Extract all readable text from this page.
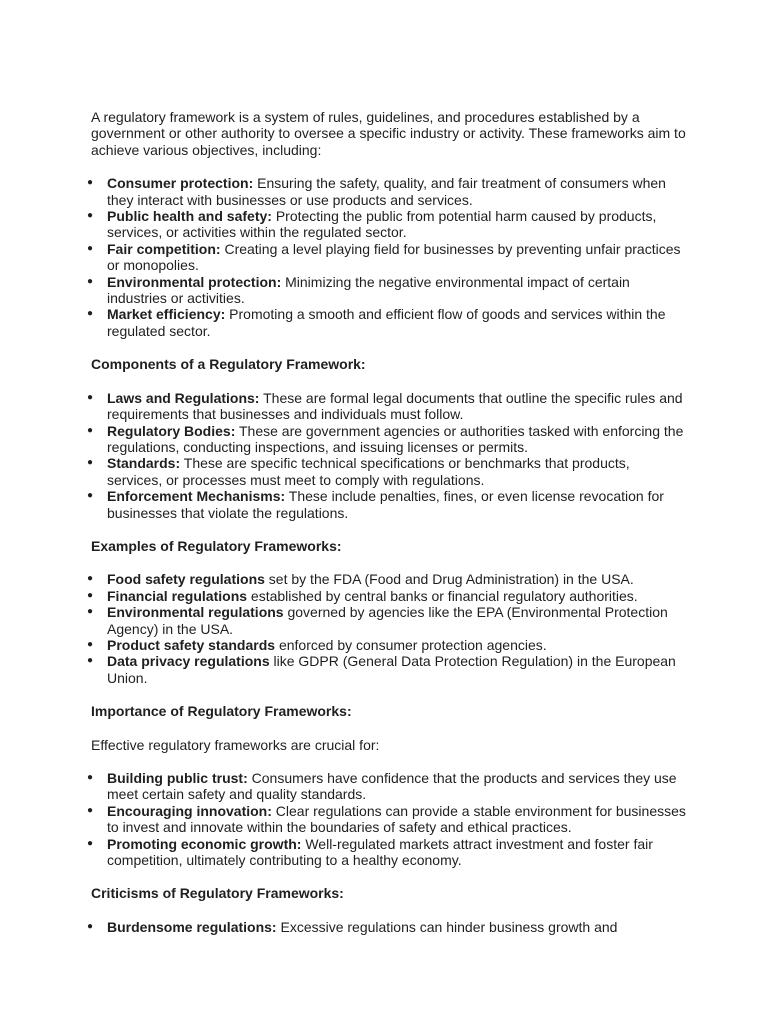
A regulatory framework is a system of rules, guidelines, and procedures established by a government or other authority to oversee a specific industry or activity. These frameworks aim to achieve various objectives, including:

● Consumer protection: Ensuring the safety, quality, and fair treatment of consumers when they interact with businesses or use products and services.
● Public health and safety: Protecting the public from potential harm caused by products, services, or activities within the regulated sector.
● Fair competition: Creating a level playing field for businesses by preventing unfair practices or monopolies.
● Environmental protection: Minimizing the negative environmental impact of certain industries or activities.
● Market efficiency: Promoting a smooth and efficient flow of goods and services within the regulated sector.

Components of a Regulatory Framework:

● Laws and Regulations: These are formal legal documents that outline the specific rules and requirements that businesses and individuals must follow.
● Regulatory Bodies: These are government agencies or authorities tasked with enforcing the regulations, conducting inspections, and issuing licenses or permits.
● Standards: These are specific technical specifications or benchmarks that products, services, or processes must meet to comply with regulations.
● Enforcement Mechanisms: These include penalties, fines, or even license revocation for businesses that violate the regulations.

Examples of Regulatory Frameworks:

● Food safety regulations set by the FDA (Food and Drug Administration) in the USA.
● Financial regulations established by central banks or financial regulatory authorities.
● Environmental regulations governed by agencies like the EPA (Environmental Protection Agency) in the USA.
● Product safety standards enforced by consumer protection agencies.
● Data privacy regulations like GDPR (General Data Protection Regulation) in the European Union.

Importance of Regulatory Frameworks:

Effective regulatory frameworks are crucial for:

● Building public trust: Consumers have confidence that the products and services they use meet certain safety and quality standards.
● Encouraging innovation: Clear regulations can provide a stable environment for businesses to invest and innovate within the boundaries of safety and ethical practices.
● Promoting economic growth: Well-regulated markets attract investment and foster fair competition, ultimately contributing to a healthy economy.

Criticisms of Regulatory Frameworks:

● Burdensome regulations: Excessive regulations can hinder business growth and
